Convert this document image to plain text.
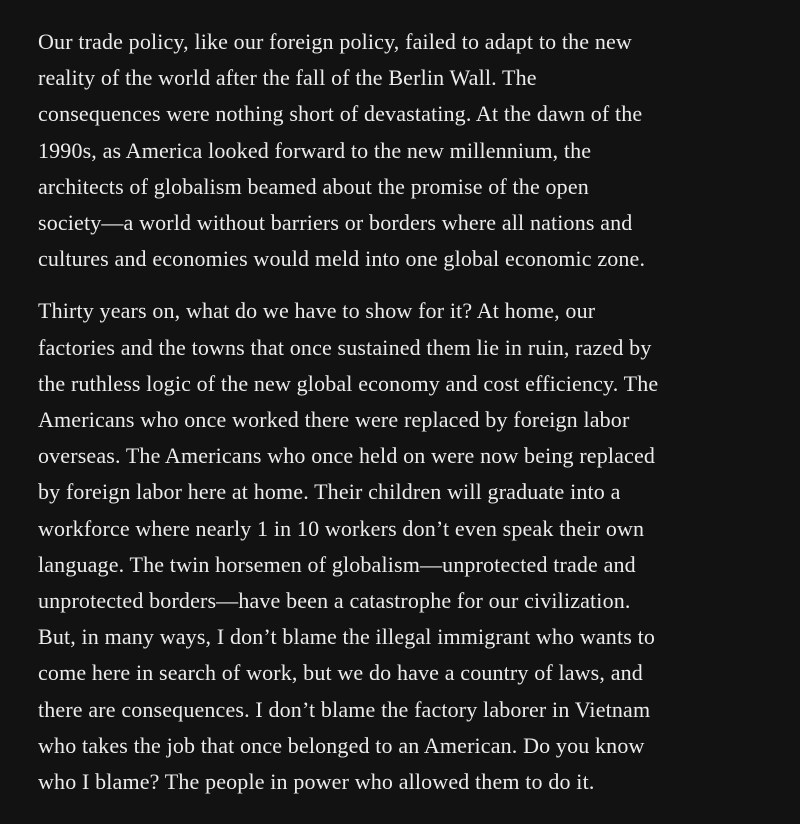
Our trade policy, like our foreign policy, failed to adapt to the new
reality of the world after the fall of the Berlin Wall. The
consequences were nothing short of devastating. At the dawn of the
1990s, as America looked forward to the new millennium, the
architects of globalism beamed about the promise of the open
society—a world without barriers or borders where all nations and
cultures and economies would meld into one global economic zone.

Thirty years on, what do we have to show for it? At home, our
factories and the towns that once sustained them lie in ruin, razed by
the ruthless logic of the new global economy and cost efficiency. The
Americans who once worked there were replaced by foreign labor
overseas. The Americans who once held on were now being replaced
by foreign labor here at home. Their children will graduate into a
workforce where nearly 1 in 10 workers don’t even speak their own
language. The twin horsemen of globalism—unprotected trade and
unprotected borders—have been a catastrophe for our civilization.
But, in many ways, I don’t blame the illegal immigrant who wants to
come here in search of work, but we do have a country of laws, and
there are consequences. I don’t blame the factory laborer in Vietnam
who takes the job that once belonged to an American. Do you know
who I blame? The people in power who allowed them to do it.
